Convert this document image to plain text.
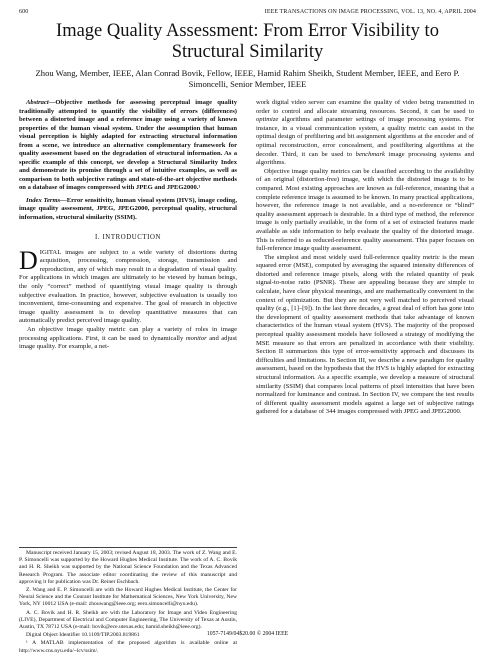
600	IEEE TRANSACTIONS ON IMAGE PROCESSING, VOL. 13, NO. 4, APRIL 2004
Image Quality Assessment: From Error Visibility to Structural Similarity
Zhou Wang, Member, IEEE, Alan Conrad Bovik, Fellow, IEEE, Hamid Rahim Sheikh, Student Member, IEEE, and Eero P. Simoncelli, Senior Member, IEEE

Abstract—Objective methods for assessing perceptual image quality traditionally attempted to quantify the visibility of errors (differences) between a distorted image and a reference image using a variety of known properties of the human visual system. Under the assumption that human visual perception is highly adapted for extracting structural information from a scene, we introduce an alternative complementary framework for quality assessment based on the degradation of structural information. As a specific example of this concept, we develop a Structural Similarity Index and demonstrate its promise through a set of intuitive examples, as well as comparison to both subjective ratings and state-of-the-art objective methods on a database of images compressed with JPEG and JPEG2000.¹

Index Terms—Error sensitivity, human visual system (HVS), image coding, image quality assessment, JPEG, JPEG2000, perceptual quality, structural information, structural similarity (SSIM).

I. INTRODUCTION

DIGITAL images are subject to a wide variety of distortions during acquisition, processing, compression, storage, transmission and reproduction, any of which may result in a degradation of visual quality. For applications in which images are ultimately to be viewed by human beings, the only “correct” method of quantifying visual image quality is through subjective evaluation. In practice, however, subjective evaluation is usually too inconvenient, time-consuming and expensive. The goal of research in objective image quality assessment is to develop quantitative measures that can automatically predict perceived image quality.

An objective image quality metric can play a variety of roles in image processing applications. First, it can be used to dynamically monitor and adjust image quality. For example, a net-

Manuscript received January 15, 2003; revised August 18, 2003. The work of Z. Wang and E. P. Simoncelli was supported by the Howard Hughes Medical Institute. The work of A. C. Bovik and H. R. Sheikh was supported by the National Science Foundation and the Texas Advanced Research Program. The associate editor coordinating the review of this manuscript and approving it for publication was Dr. Reiner Eschbach.

Z. Wang and E. P. Simoncelli are with the Howard Hughes Medical Institute, the Center for Neural Science and the Courant Institute for Mathematical Sciences, New York University, New York, NY 10012 USA (e-mail: zhouwang@ieee.org; eero.simoncelli@nyu.edu).

A. C. Bovik and H. R. Sheikh are with the Laboratory for Image and Video Engineering (LIVE), Department of Electrical and Computer Engineering, The University of Texas at Austin, Austin, TX 78712 USA (e-mail: bovik@ece.utexas.edu; hamid.sheikh@ieee.org).

Digital Object Identifier 10.1109/TIP.2003.819861

¹ A MATLAB implementation of the proposed algorithm is available online at http://www.cns.nyu.edu/~lcv/ssim/.

work digital video server can examine the quality of video being transmitted in order to control and allocate streaming resources. Second, it can be used to optimize algorithms and parameter settings of image processing systems. For instance, in a visual communication system, a quality metric can assist in the optimal design of prefiltering and bit assignment algorithms at the encoder and of optimal reconstruction, error concealment, and postfiltering algorithms at the decoder. Third, it can be used to benchmark image processing systems and algorithms.

Objective image quality metrics can be classified according to the availability of an original (distortion-free) image, with which the distorted image is to be compared. Most existing approaches are known as full-reference, meaning that a complete reference image is assumed to be known. In many practical applications, however, the reference image is not available, and a no-reference or “blind” quality assessment approach is desirable. In a third type of method, the reference image is only partially available, in the form of a set of extracted features made available as side information to help evaluate the quality of the distorted image. This is referred to as reduced-reference quality assessment. This paper focuses on full-reference image quality assessment.

The simplest and most widely used full-reference quality metric is the mean squared error (MSE), computed by averaging the squared intensity differences of distorted and reference image pixels, along with the related quantity of peak signal-to-noise ratio (PSNR). These are appealing because they are simple to calculate, have clear physical meanings, and are mathematically convenient in the context of optimization. But they are not very well matched to perceived visual quality (e.g., [1]–[9]). In the last three decades, a great deal of effort has gone into the development of quality assessment methods that take advantage of known characteristics of the human visual system (HVS). The majority of the proposed perceptual quality assessment models have followed a strategy of modifying the MSE measure so that errors are penalized in accordance with their visibility. Section II summarizes this type of error-sensitivity approach and discusses its difficulties and limitations. In Section III, we describe a new paradigm for quality assessment, based on the hypothesis that the HVS is highly adapted for extracting structural information. As a specific example, we develop a measure of structural similarity (SSIM) that compares local patterns of pixel intensities that have been normalized for luminance and contrast. In Section IV, we compare the test results of different quality assessment models against a large set of subjective ratings gathered for a database of 344 images compressed with JPEG and JPEG2000.

1057-7149/04$20.00 © 2004 IEEE
